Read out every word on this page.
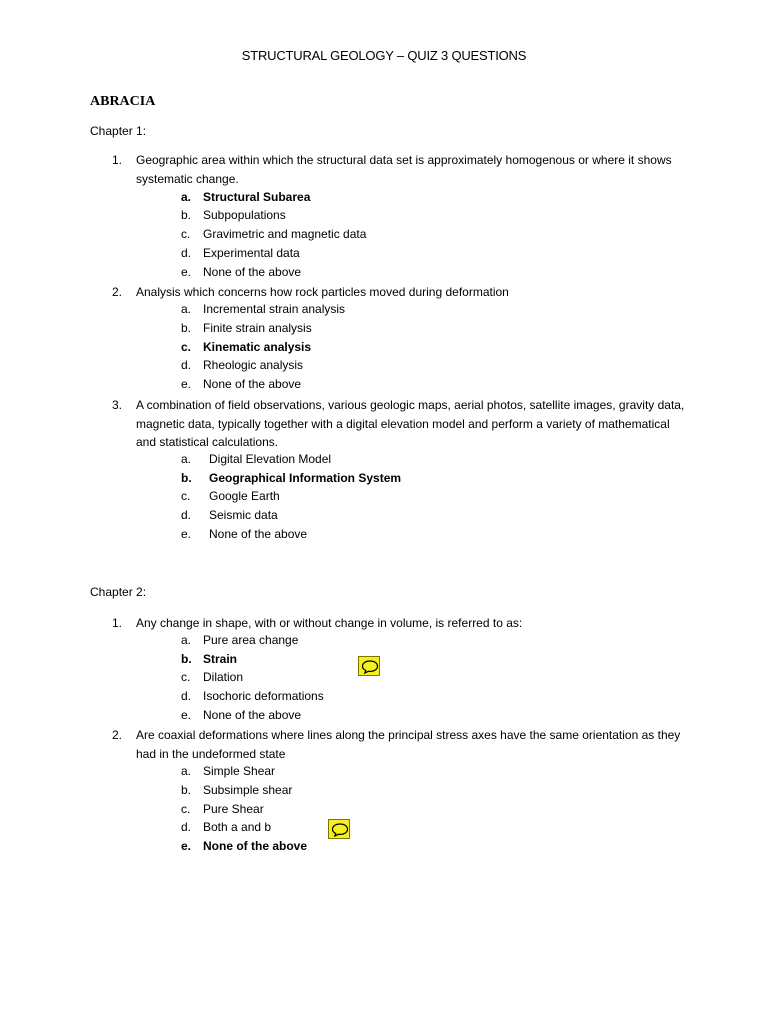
STRUCTURAL GEOLOGY – QUIZ 3 QUESTIONS
ABRACIA
Chapter 1:
1. Geographic area within which the structural data set is approximately homogenous or where it shows systematic change.
a. Structural Subarea
b. Subpopulations
c. Gravimetric and magnetic data
d. Experimental data
e. None of the above
2. Analysis which concerns how rock particles moved during deformation
a. Incremental strain analysis
b. Finite strain analysis
c. Kinematic analysis
d. Rheologic analysis
e. None of the above
3. A combination of field observations, various geologic maps, aerial photos, satellite images, gravity data, magnetic data, typically together with a digital elevation model and perform a variety of mathematical and statistical calculations.
a. Digital Elevation Model
b. Geographical Information System
c. Google Earth
d. Seismic data
e. None of the above
Chapter 2:
1. Any change in shape, with or without change in volume, is referred to as:
a. Pure area change
b. Strain
c. Dilation
d. Isochoric deformations
e. None of the above
2. Are coaxial deformations where lines along the principal stress axes have the same orientation as they had in the undeformed state
a. Simple Shear
b. Subsimple shear
c. Pure Shear
d. Both a and b
e. None of the above
